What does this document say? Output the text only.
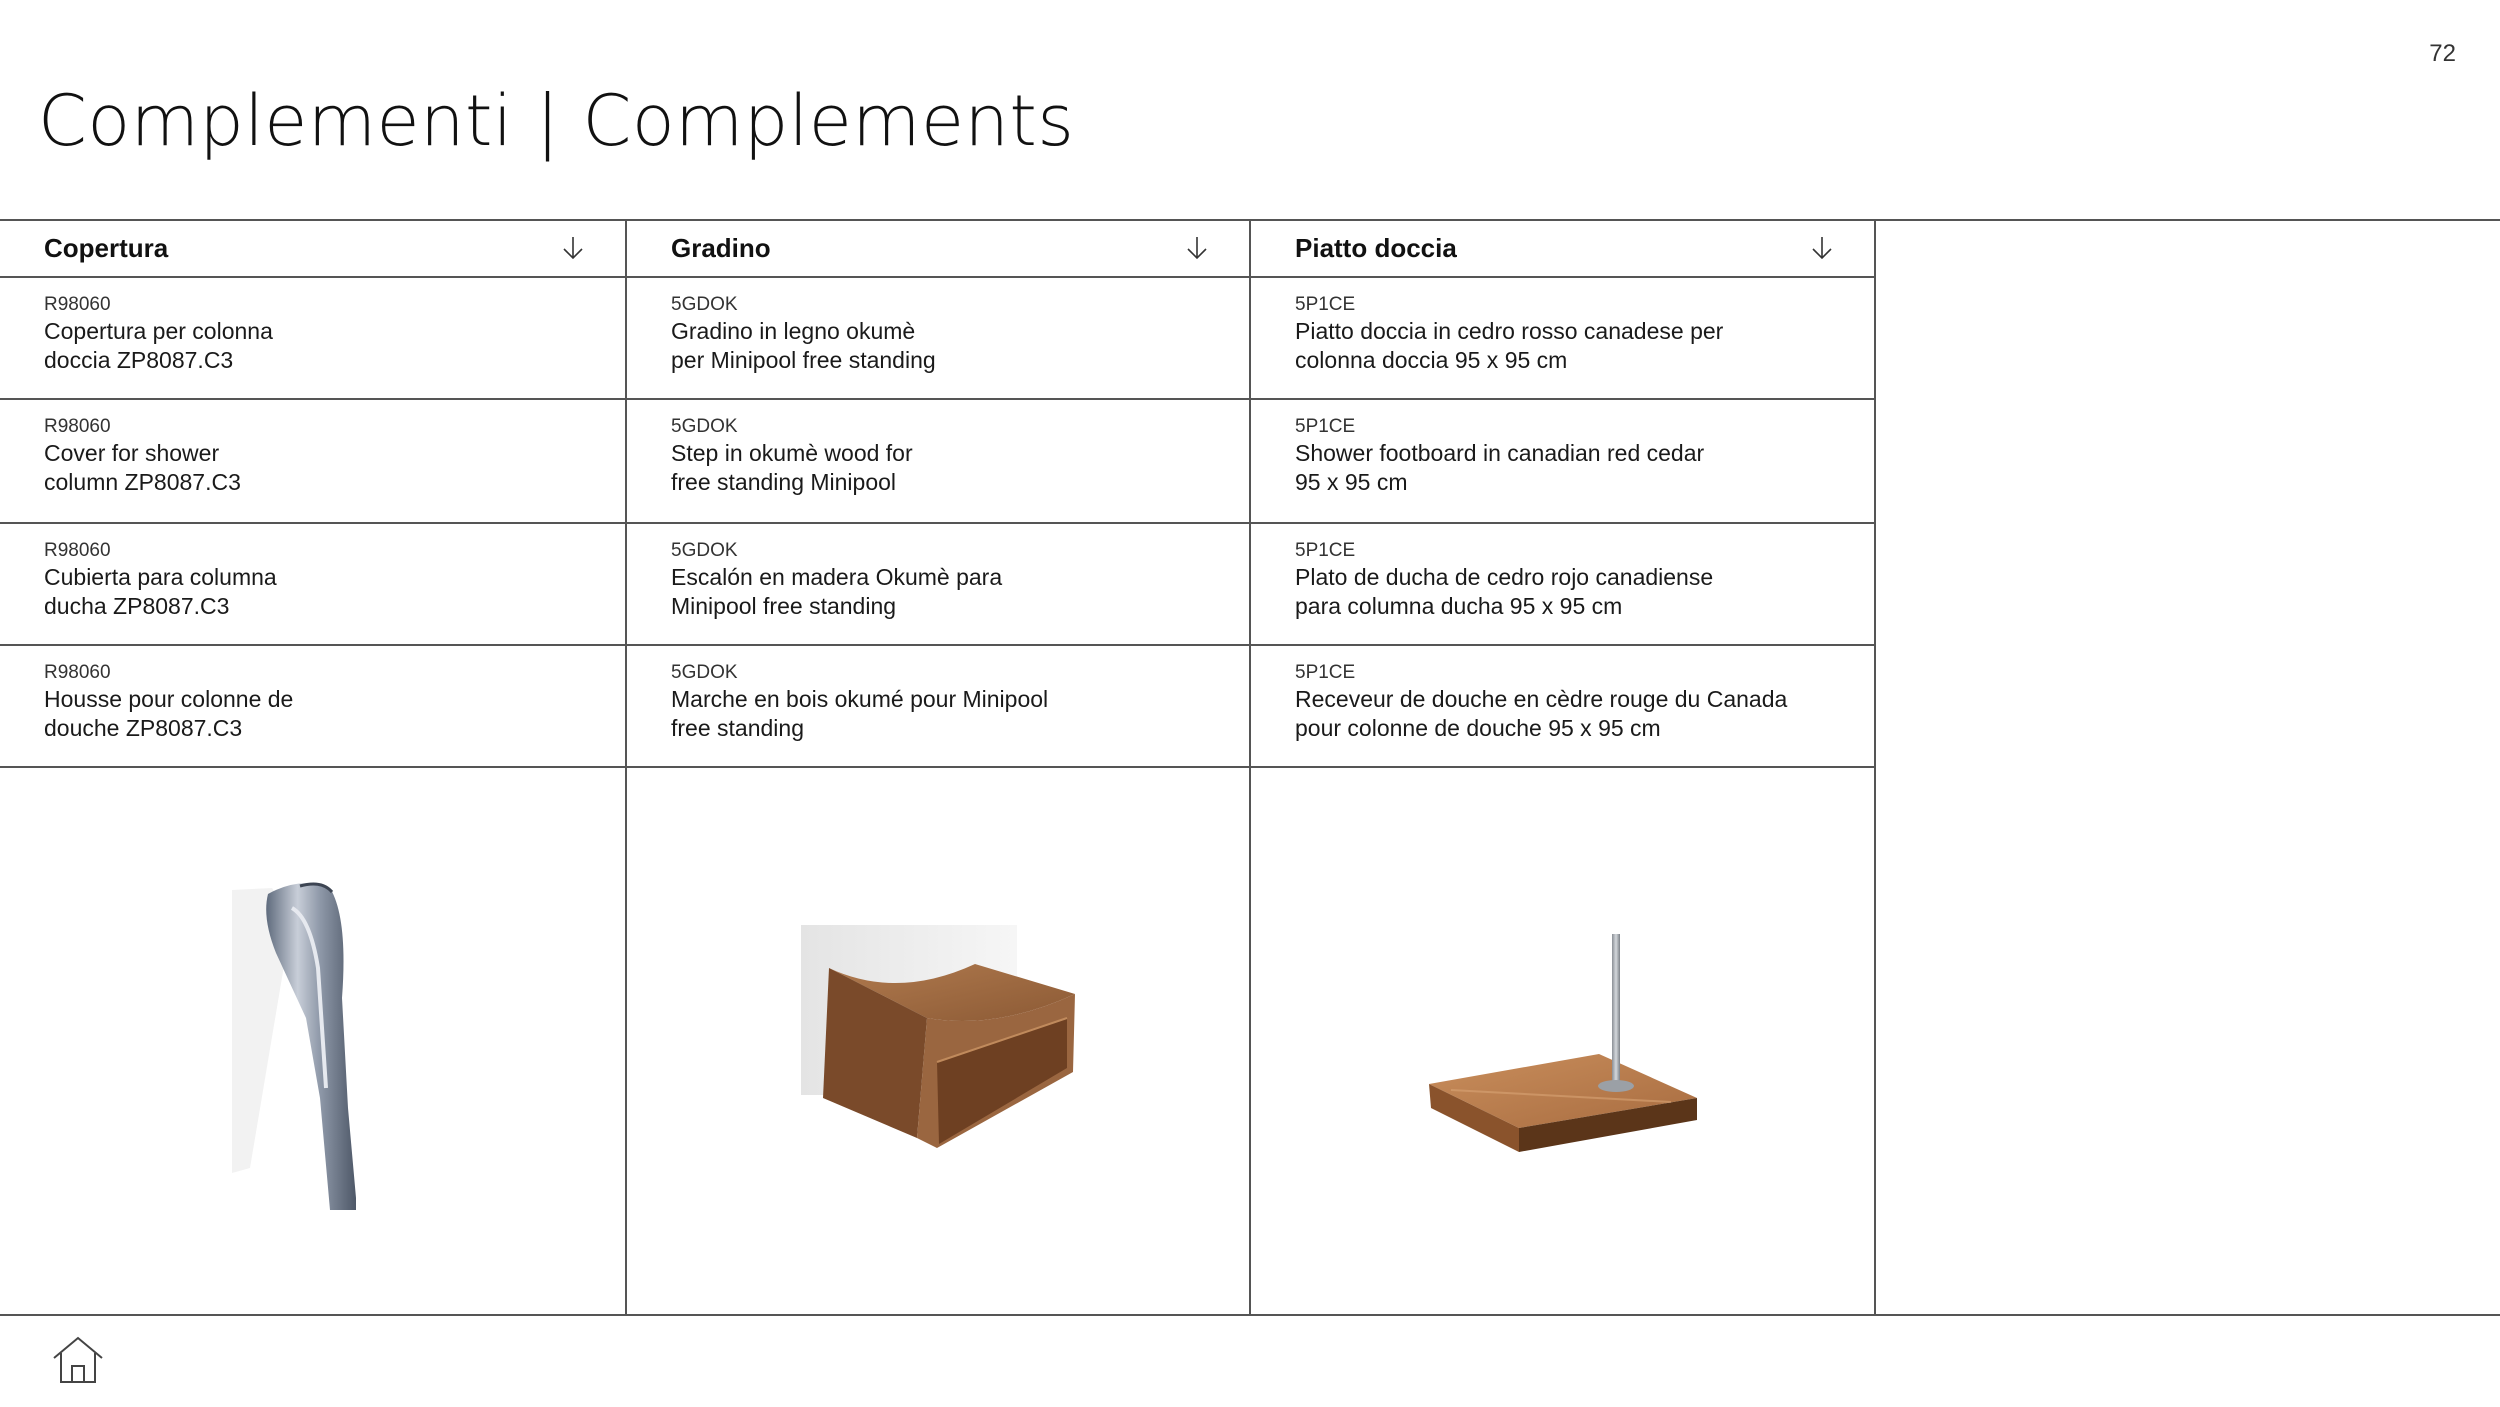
72
Complementi | Complements
Copertura
R98060
Copertura per colonna
doccia ZP8087.C3
R98060
Cover for shower
column ZP8087.C3
R98060
Cubierta para columna
ducha ZP8087.C3
R98060
Housse pour colonne de
douche ZP8087.C3
Gradino
5GDOK
Gradino in legno okumè
per Minipool free standing
5GDOK
Step in okumè wood for
free standing Minipool
5GDOK
Escalón en madera Okumè para
Minipool free standing
5GDOK
Marche en bois okumé pour Minipool
free standing
Piatto doccia
5P1CE
Piatto doccia in cedro rosso canadese per
colonna doccia 95 x 95 cm
5P1CE
Shower footboard in canadian red cedar
95 x 95 cm
5P1CE
Plato de ducha de cedro rojo canadiense
para columna ducha 95 x 95 cm
5P1CE
Receveur de douche en cèdre rouge du Canada
pour colonne de douche 95 x 95 cm
